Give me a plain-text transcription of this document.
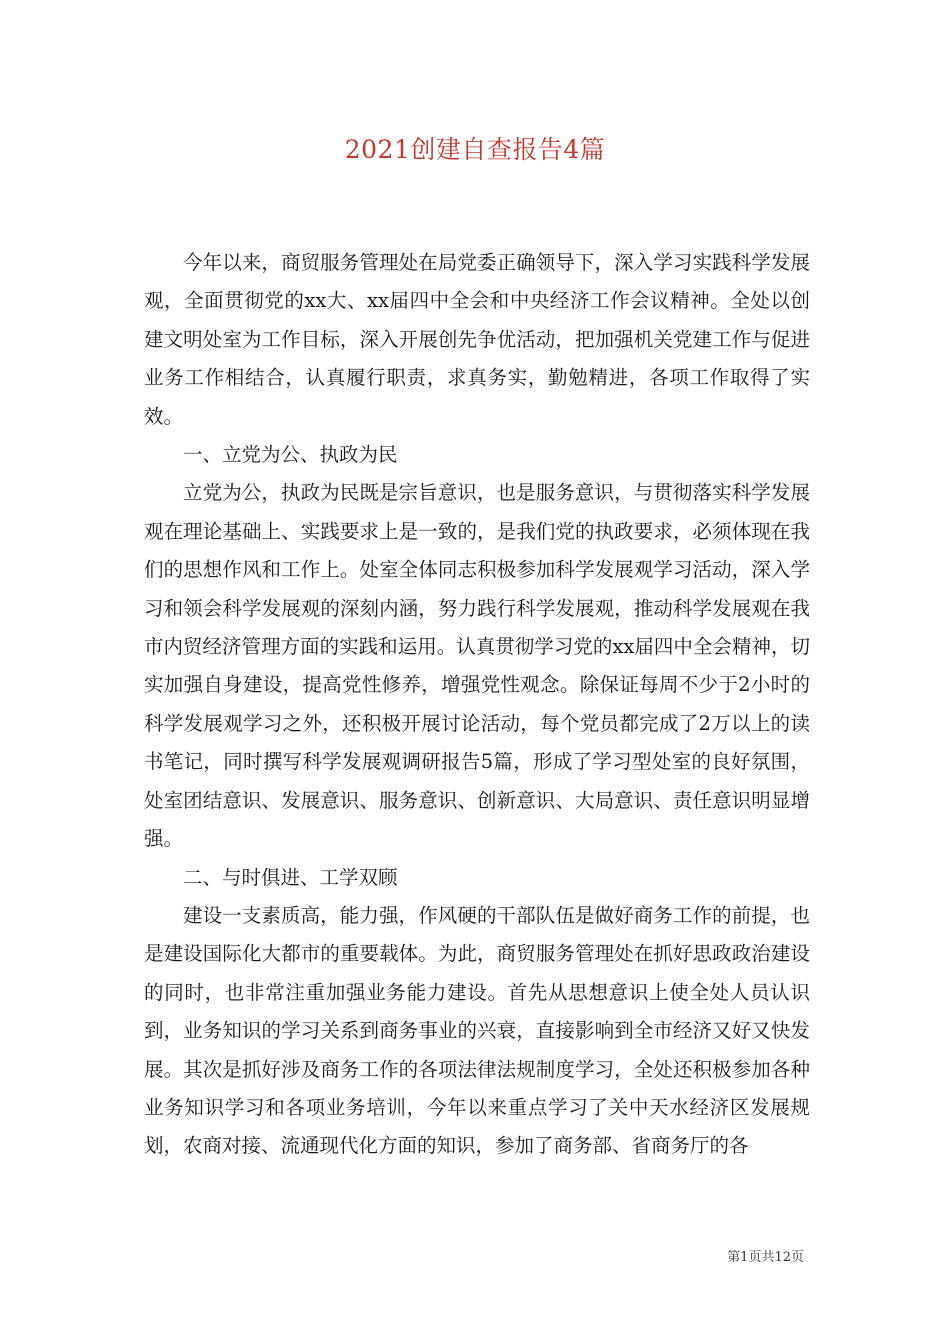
2021创建自查报告4篇

今年以来，商贸服务管理处在局党委正确领导下，深入学习实践科学发展观，全面贯彻党的xx大、xx届四中全会和中央经济工作会议精神。全处以创建文明处室为工作目标，深入开展创先争优活动，把加强机关党建工作与促进业务工作相结合，认真履行职责，求真务实，勤勉精进，各项工作取得了实效。

一、立党为公、执政为民

立党为公，执政为民既是宗旨意识，也是服务意识，与贯彻落实科学发展观在理论基础上、实践要求上是一致的，是我们党的执政要求，必须体现在我们的思想作风和工作上。处室全体同志积极参加科学发展观学习活动，深入学习和领会科学发展观的深刻内涵，努力践行科学发展观，推动科学发展观在我市内贸经济管理方面的实践和运用。认真贯彻学习党的xx届四中全会精神，切实加强自身建设，提高党性修养，增强党性观念。除保证每周不少于2小时的科学发展观学习之外，还积极开展讨论活动，每个党员都完成了2万以上的读书笔记，同时撰写科学发展观调研报告5篇，形成了学习型处室的良好氛围，处室团结意识、发展意识、服务意识、创新意识、大局意识、责任意识明显增强。

二、与时俱进、工学双顾

建设一支素质高，能力强，作风硬的干部队伍是做好商务工作的前提，也是建设国际化大都市的重要载体。为此，商贸服务管理处在抓好思政政治建设的同时，也非常注重加强业务能力建设。首先从思想意识上使全处人员认识到，业务知识的学习关系到商务事业的兴衰，直接影响到全市经济又好又快发展。其次是抓好涉及商务工作的各项法律法规制度学习，全处还积极参加各种业务知识学习和各项业务培训，今年以来重点学习了关中天水经济区发展规划，农商对接、流通现代化方面的知识，参加了商务部、省商务厅的各

第1页共12页
